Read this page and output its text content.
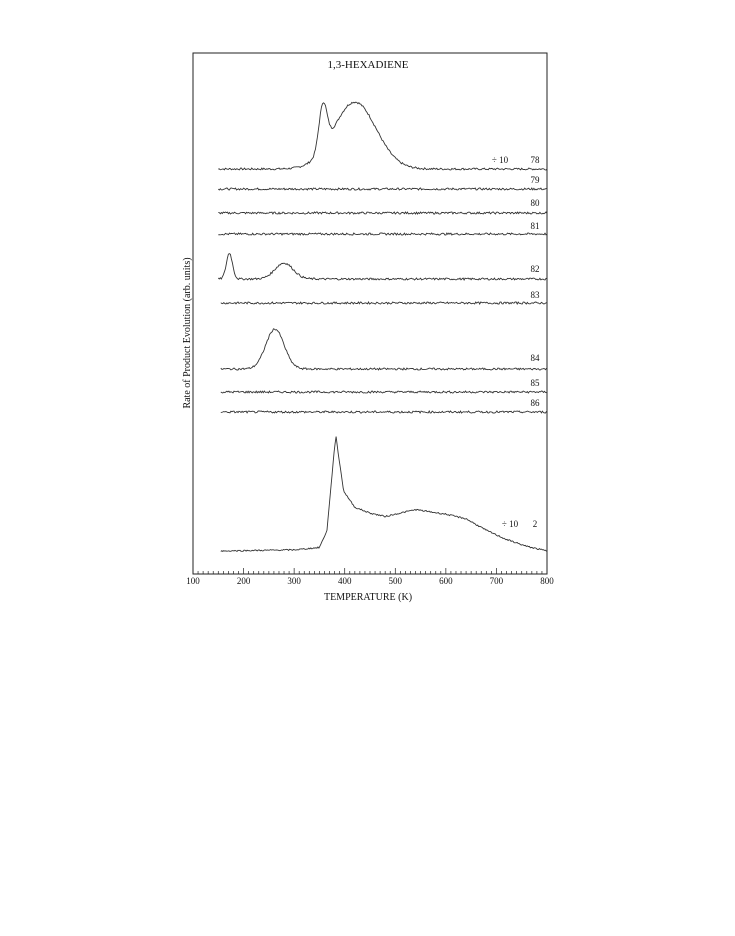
100	200	300	400	500	600	700	800
78
÷ 10
79
80
81
82
83
84
85
86
2
÷ 10
1,3-HEXADIENE
TEMPERATURE (K)
Rate of Product Evolution (arb. units)
